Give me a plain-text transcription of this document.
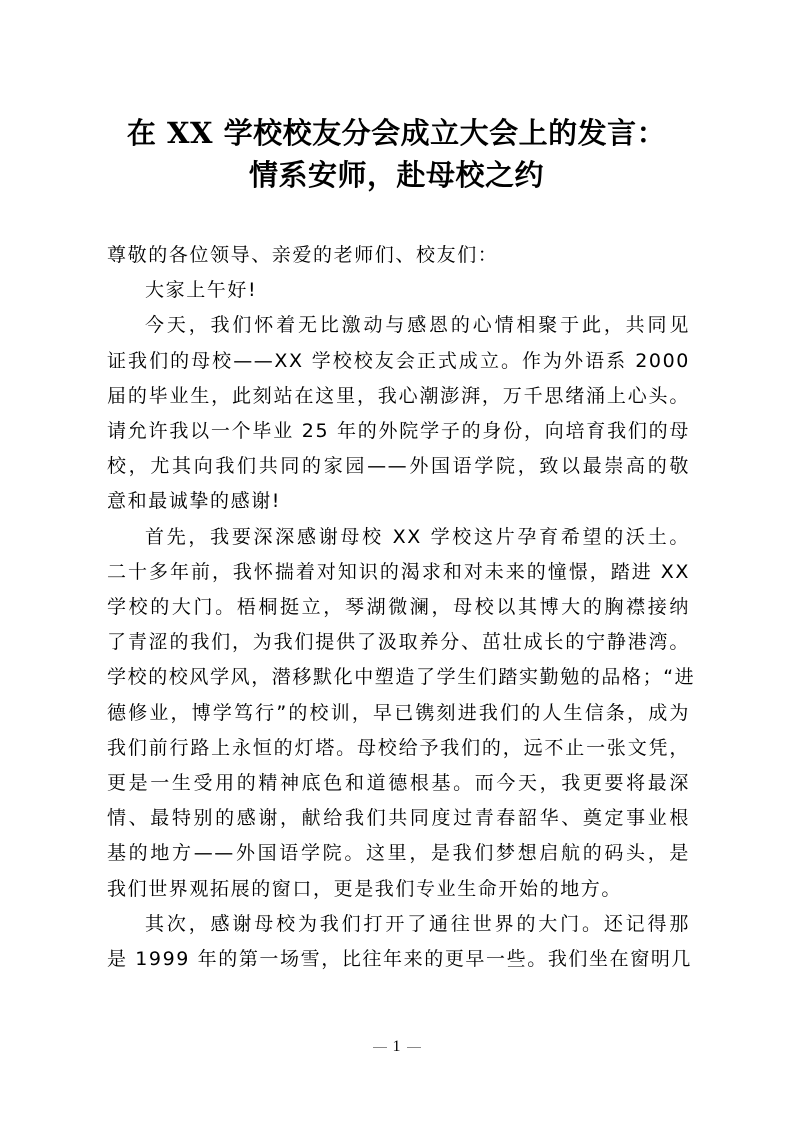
在 XX 学校校友分会成立大会上的发言：
情系安师，赴母校之约

尊敬的各位领导、亲爱的老师们、校友们：

大家上午好!

今天，我们怀着无比激动与感恩的心情相聚于此，共同见
证我们的母校——XX 学校校友会正式成立。作为外语系 2000
届的毕业生，此刻站在这里，我心潮澎湃，万千思绪涌上心头。
请允许我以一个毕业 25 年的外院学子的身份，向培育我们的母
校，尤其向我们共同的家园——外国语学院，致以最崇高的敬
意和最诚挚的感谢!

首先，我要深深感谢母校 XX 学校这片孕育希望的沃土。
二十多年前，我怀揣着对知识的渴求和对未来的憧憬，踏进 XX
学校的大门。梧桐挺立，琴湖微澜，母校以其博大的胸襟接纳
了青涩的我们，为我们提供了汲取养分、茁壮成长的宁静港湾。
学校的校风学风，潜移默化中塑造了学生们踏实勤勉的品格；“进
德修业，博学笃行”的校训，早已镌刻进我们的人生信条，成为
我们前行路上永恒的灯塔。母校给予我们的，远不止一张文凭，
更是一生受用的精神底色和道德根基。而今天，我更要将最深
情、最特别的感谢，献给我们共同度过青春韶华、奠定事业根
基的地方——外国语学院。这里，是我们梦想启航的码头，是
我们世界观拓展的窗口，更是我们专业生命开始的地方。

其次，感谢母校为我们打开了通往世界的大门。还记得那
是 1999 年的第一场雪，比往年来的更早一些。我们坐在窗明几

1
